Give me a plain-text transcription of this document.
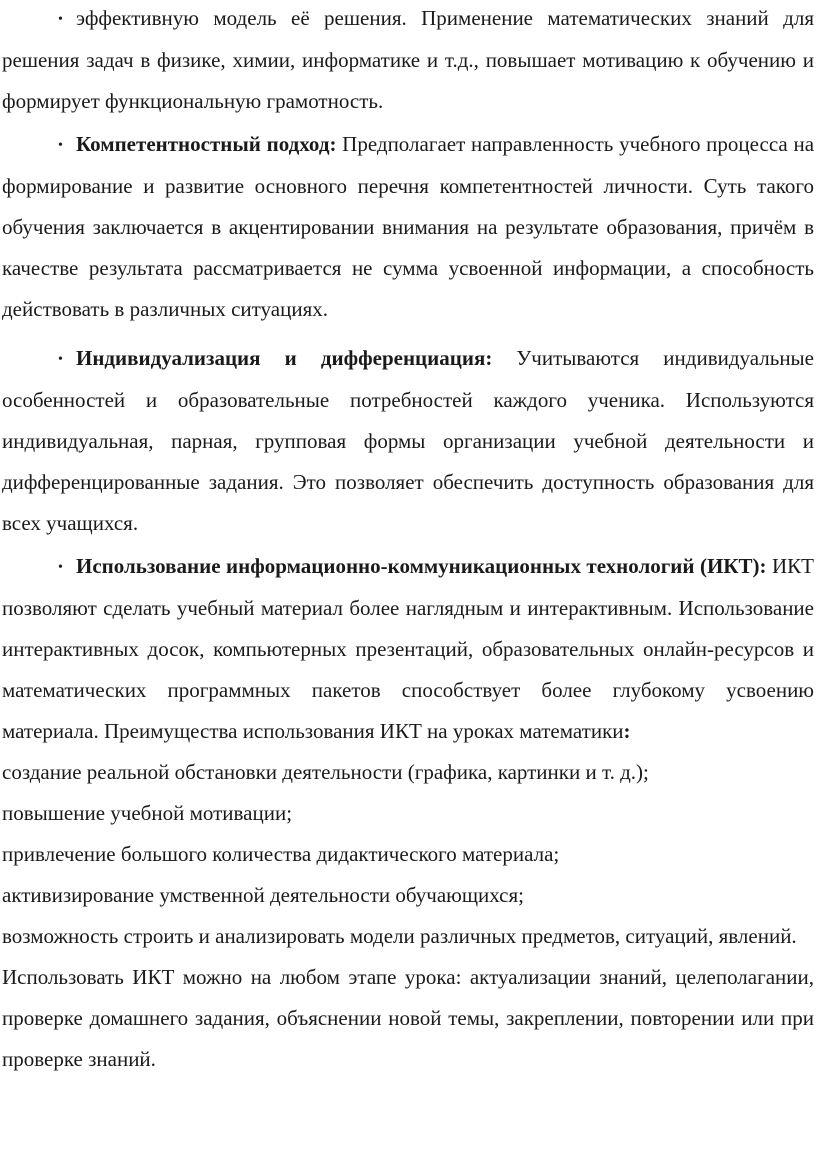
• эффективную модель её решения. Применение математических знаний для решения задач в физике, химии, информатике и т.д., повышает мотивацию к обучению и формирует функциональную грамотность.

• Компетентностный подход: Предполагает направленность учебного процесса на формирование и развитие основного перечня компетентностей личности. Суть такого обучения заключается в акцентировании внимания на результате образования, причём в качестве результата рассматривается не сумма усвоенной информации, а способность действовать в различных ситуациях.

• Индивидуализация и дифференциация: Учитываются индивидуальные особенностей и образовательные потребностей каждого ученика. Используются индивидуальная, парная, групповая формы организации учебной деятельности и дифференцированные задания. Это позволяет обеспечить доступность образования для всех учащихся.

• Использование информационно-коммуникационных технологий (ИКТ): ИКТ позволяют сделать учебный материал более наглядным и интерактивным. Использование интерактивных досок, компьютерных презентаций, образовательных онлайн-ресурсов и математических программных пакетов способствует более глубокому усвоению материала. Преимущества использования ИКТ на уроках математики:

создание реальной обстановки деятельности (графика, картинки и т. д.);

повышение учебной мотивации;

привлечение большого количества дидактического материала;

активизирование умственной деятельности обучающихся;

возможность строить и анализировать модели различных предметов, ситуаций, явлений.

Использовать ИКТ можно на любом этапе урока: актуализации знаний, целеполагании, проверке домашнего задания, объяснении новой темы, закреплении, повторении или при проверке знаний.
